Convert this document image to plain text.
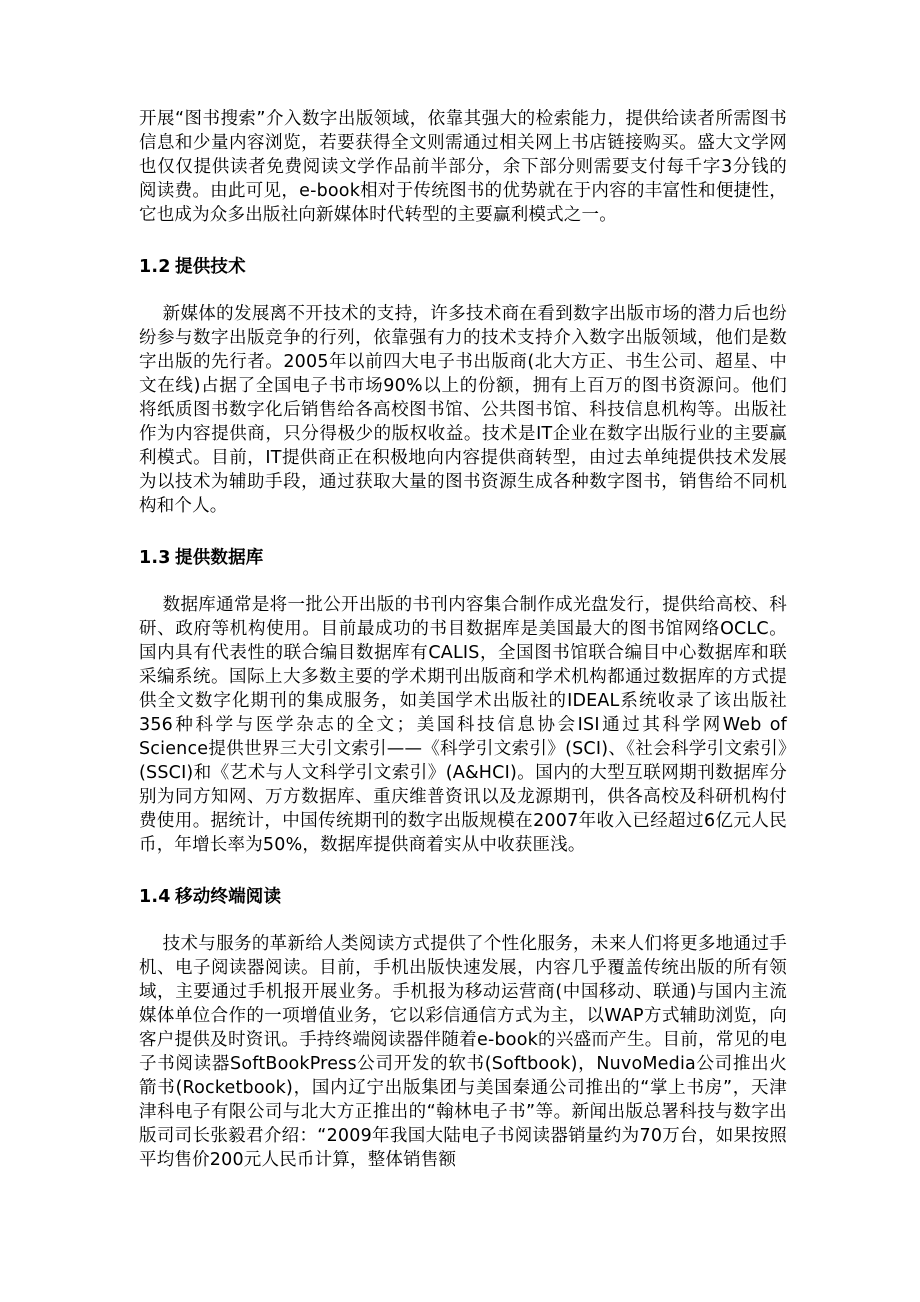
开展“图书搜索”介入数字出版领域，依靠其强大的检索能力，提供给读者所需图书信息和少量内容浏览，若要获得全文则需通过相关网上书店链接购买。盛大文学网也仅仅提供读者免费阅读文学作品前半部分，余下部分则需要支付每千字3分钱的阅读费。由此可见，e-book相对于传统图书的优势就在于内容的丰富性和便捷性，它也成为众多出版社向新媒体时代转型的主要赢利模式之一。

1.2 提供技术

新媒体的发展离不开技术的支持，许多技术商在看到数字出版市场的潜力后也纷纷参与数字出版竞争的行列，依靠强有力的技术支持介入数字出版领域，他们是数字出版的先行者。2005年以前四大电子书出版商(北大方正、书生公司、超星、中文在线)占据了全国电子书市场90%以上的份额，拥有上百万的图书资源问。他们将纸质图书数字化后销售给各高校图书馆、公共图书馆、科技信息机构等。出版社作为内容提供商，只分得极少的版权收益。技术是IT企业在数字出版行业的主要赢利模式。目前，IT提供商正在积极地向内容提供商转型，由过去单纯提供技术发展为以技术为辅助手段，通过获取大量的图书资源生成各种数字图书，销售给不同机构和个人。

1.3 提供数据库

数据库通常是将一批公开出版的书刊内容集合制作成光盘发行，提供给高校、科研、政府等机构使用。目前最成功的书目数据库是美国最大的图书馆网络OCLC。国内具有代表性的联合编目数据库有CALIS，全国图书馆联合编目中心数据库和联采编系统。国际上大多数主要的学术期刊出版商和学术机构都通过数据库的方式提供全文数字化期刊的集成服务，如美国学术出版社的IDEAL系统收录了该出版社356种科学与医学杂志的全文；美国科技信息协会ISI通过其科学网Web of Science提供世界三大引文索引——《科学引文索引》(SCI)、《社会科学引文索引》(SSCI)和《艺术与人文科学引文索引》(A&HCI)。国内的大型互联网期刊数据库分别为同方知网、万方数据库、重庆维普资讯以及龙源期刊，供各高校及科研机构付费使用。据统计，中国传统期刊的数字出版规模在2007年收入已经超过6亿元人民币，年增长率为50%，数据库提供商着实从中收获匪浅。

1.4 移动终端阅读

技术与服务的革新给人类阅读方式提供了个性化服务，未来人们将更多地通过手机、电子阅读器阅读。目前，手机出版快速发展，内容几乎覆盖传统出版的所有领域，主要通过手机报开展业务。手机报为移动运营商(中国移动、联通)与国内主流媒体单位合作的一项增值业务，它以彩信通信方式为主，以WAP方式辅助浏览，向客户提供及时资讯。手持终端阅读器伴随着e-book的兴盛而产生。目前，常见的电子书阅读器SoftBookPress公司开发的软书(Softbook)，NuvoMedia公司推出火箭书(Rocketbook)，国内辽宁出版集团与美国秦通公司推出的“掌上书房”，天津津科电子有限公司与北大方正推出的“翰林电子书”等。新闻出版总署科技与数字出版司司长张毅君介绍：“2009年我国大陆电子书阅读器销量约为70万台，如果按照平均售价200元人民币计算，整体销售额
